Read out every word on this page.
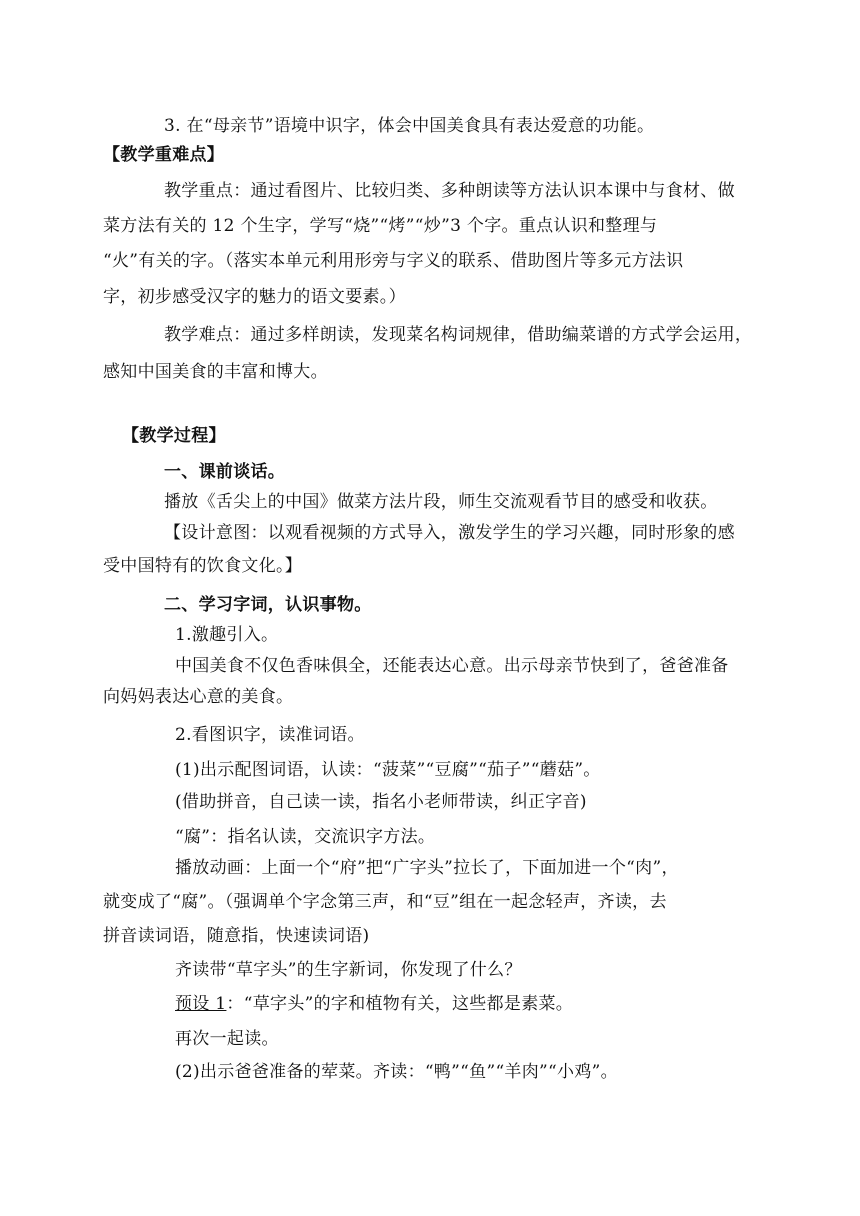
3. 在“母亲节”语境中识字，体会中国美食具有表达爱意的功能。
【教学重难点】
教学重点：通过看图片、比较归类、多种朗读等方法认识本课中与食材、做
菜方法有关的 12 个生字，学写“烧”“烤”“炒”3 个字。重点认识和整理与
“火”有关的字。（落实本单元利用形旁与字义的联系、借助图片等多元方法识
字，初步感受汉字的魅力的语文要素。）
教学难点：通过多样朗读，发现菜名构词规律，借助编菜谱的方式学会运用，
感知中国美食的丰富和博大。
【教学过程】
一、课前谈话。
播放《舌尖上的中国》做菜方法片段，师生交流观看节目的感受和收获。
【设计意图：以观看视频的方式导入，激发学生的学习兴趣，同时形象的感
受中国特有的饮食文化。】
二、学习字词，认识事物。
1.激趣引入。
中国美食不仅色香味俱全，还能表达心意。出示母亲节快到了，爸爸准备
向妈妈表达心意的美食。
2.看图识字，读准词语。
(1)出示配图词语，认读：“菠菜”“豆腐”“茄子”“蘑菇”。
(借助拼音，自己读一读，指名小老师带读，纠正字音)
“腐”：指名认读，交流识字方法。
播放动画：上面一个“府”把“广字头”拉长了，下面加进一个“肉”，
就变成了“腐”。（强调单个字念第三声，和“豆”组在一起念轻声，齐读，去
拼音读词语，随意指，快速读词语)
齐读带“草字头”的生字新词，你发现了什么？
预设 1：“草字头”的字和植物有关，这些都是素菜。
再次一起读。
(2)出示爸爸准备的荤菜。齐读：“鸭”“鱼”“羊肉”“小鸡”。
